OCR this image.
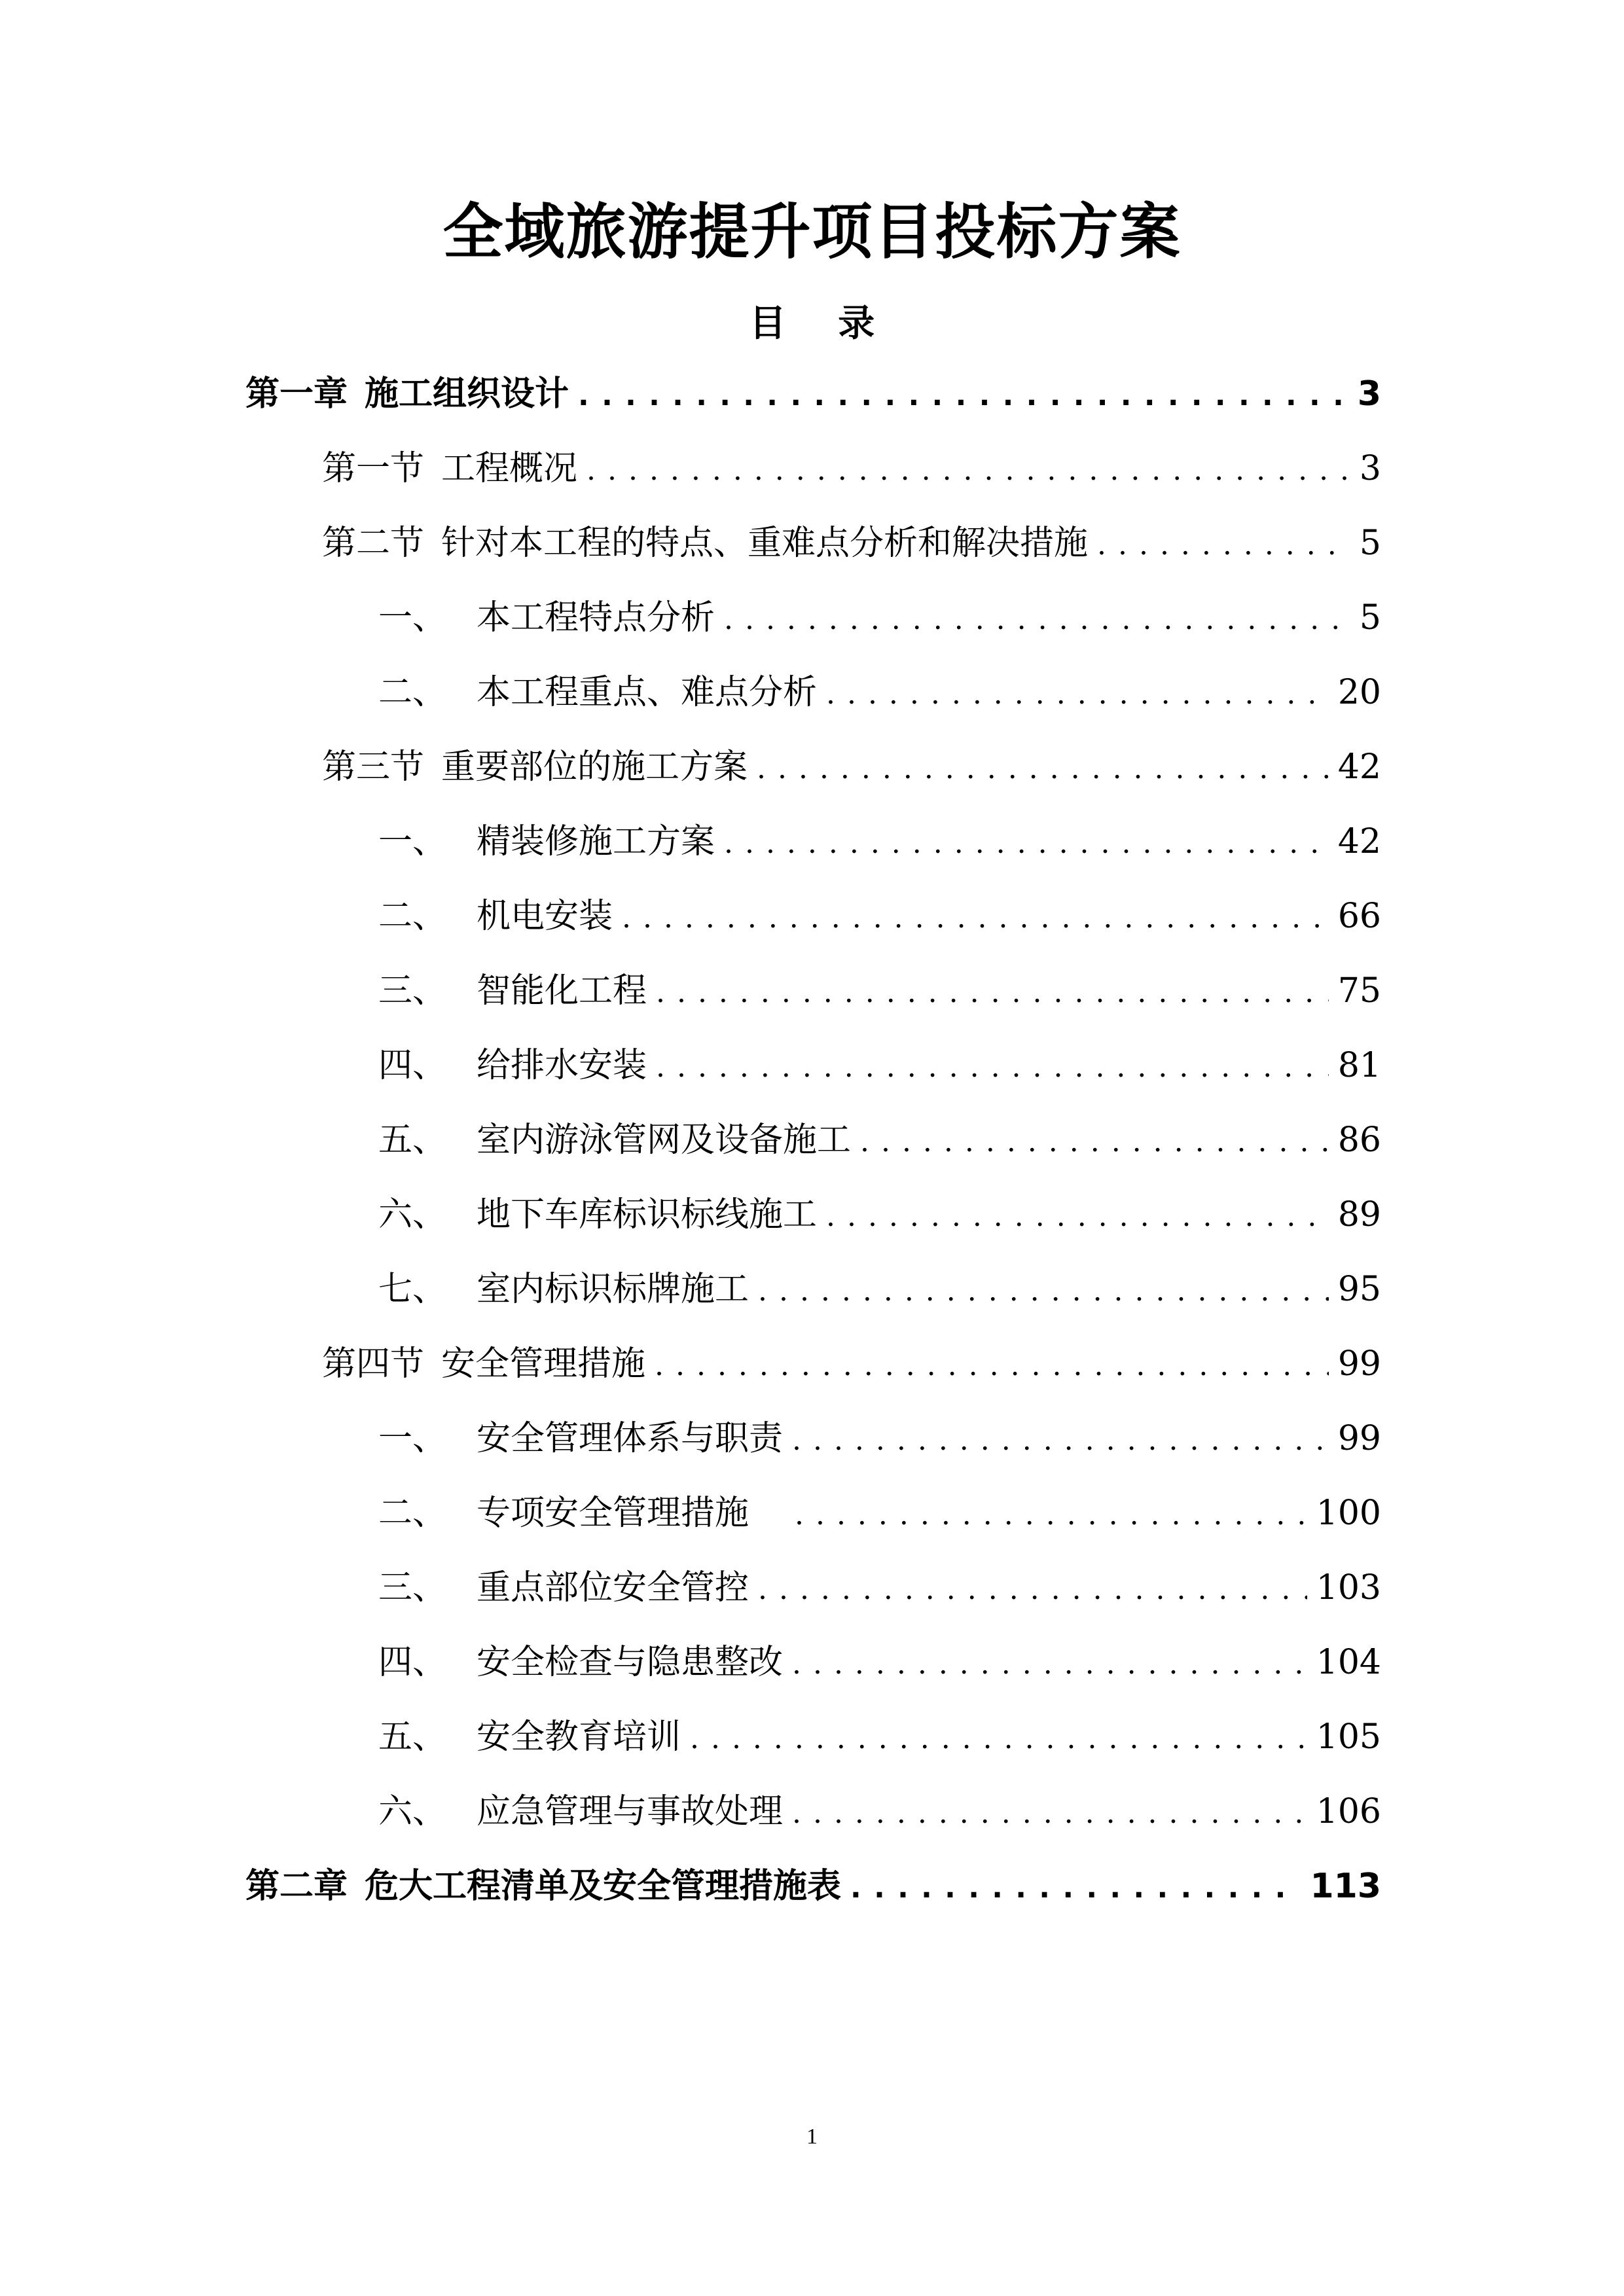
全域旅游提升项目投标方案
目 录
第一章 施工组织设计 . . .	3
第一节 工程概况 . . .	3
第二节 针对本工程的特点、重难点分析和解决措施 . . .	5
一、 本工程特点分析 . . .	5
二、 本工程重点、难点分析 . . .	20
第三节 重要部位的施工方案 . . .	42
一、 精装修施工方案 . . .	42
二、 机电安装 . . .	66
三、 智能化工程 . . .	75
四、 给排水安装 . . .	81
五、 室内游泳管网及设备施工 . . .	86
六、 地下车库标识标线施工 . . .	89
七、 室内标识标牌施工 . . .	95
第四节 安全管理措施 . . .	99
一、 安全管理体系与职责 . . .	99
二、 专项安全管理措施 . . .	100
三、 重点部位安全管控 . . .	103
四、 安全检查与隐患整改 . . .	104
五、 安全教育培训 . . .	105
六、 应急管理与事故处理 . . .	106
第二章 危大工程清单及安全管理措施表 . . .	113
1
